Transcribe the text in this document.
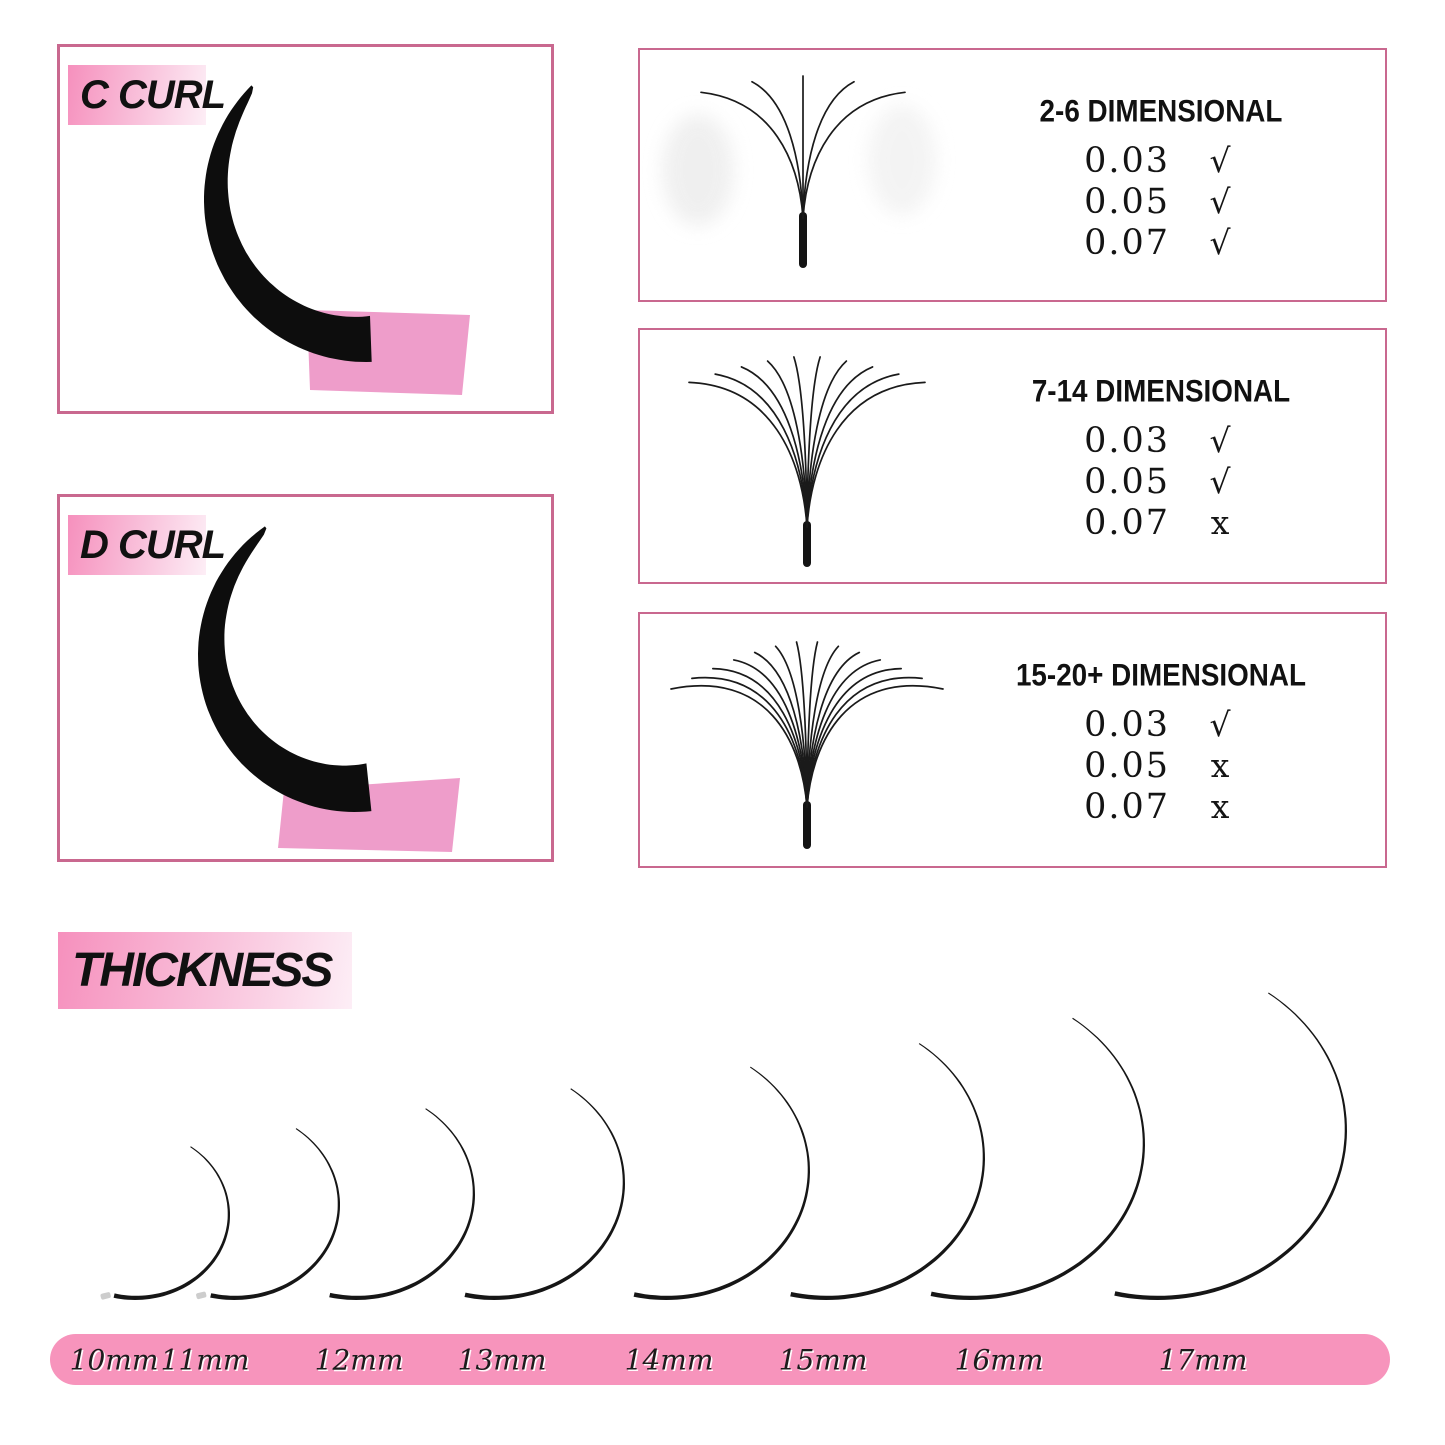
C CURL
D CURL
2-6 DIMENSIONAL
0.03	√
0.05	√
0.07	√
7-14 DIMENSIONAL
0.03	√
0.05	√
0.07	x
15-20+ DIMENSIONAL
0.03	√
0.05	x
0.07	x
THICKNESS
10mm 11mm 12mm 13mm	14mm 15mm	16mm	17mm
